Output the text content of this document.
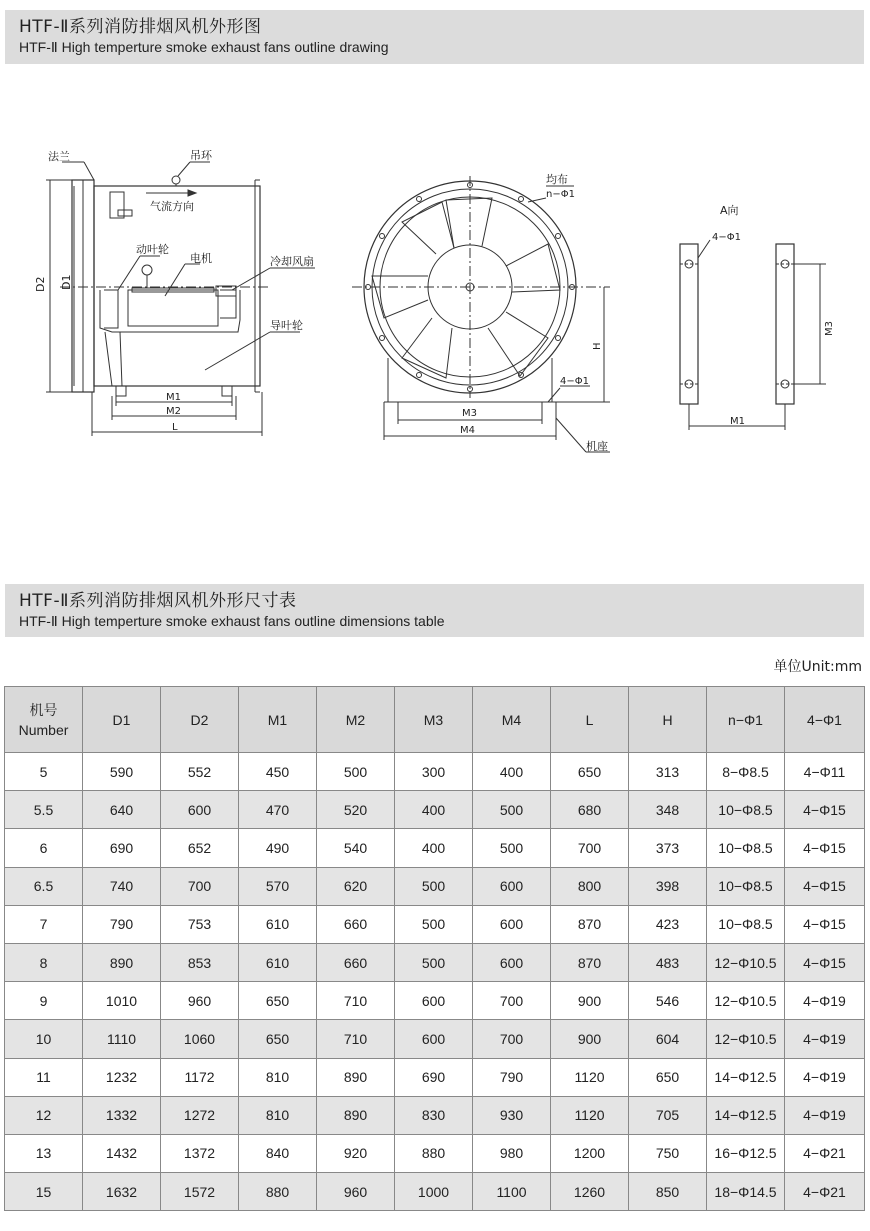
HTF-Ⅱ系列消防排烟风机外形图
HTF-Ⅱ High temperture smoke exhaust fans outline drawing
D2 D1
M1
M2
L
法兰	吊环
气流方向
动叶轮
电机	冷却风扇
导叶轮
均布
n−Φ1
4−Φ1
H
M3
M4
机座
A向
4−Φ1
M3
M1
HTF-Ⅱ系列消防排烟风机外形尺寸表
HTF-Ⅱ High temperture smoke exhaust fans outline dimensions table
单位Unit:mm
机号
Number	D1	D2	M1	M2	M3	M4	L	H	n−Φ1	4−Φ1
5	590	552	450	500	300	400	650	313	8−Φ8.5	4−Φ11
5.5	640	600	470	520	400	500	680	348	10−Φ8.5	4−Φ15
6	690	652	490	540	400	500	700	373	10−Φ8.5	4−Φ15
6.5	740	700	570	620	500	600	800	398	10−Φ8.5	4−Φ15
7	790	753	610	660	500	600	870	423	10−Φ8.5	4−Φ15
8	890	853	610	660	500	600	870	483	12−Φ10.5	4−Φ15
9	1010	960	650	710	600	700	900	546	12−Φ10.5	4−Φ19
10	1110	1060	650	710	600	700	900	604	12−Φ10.5	4−Φ19
11	1232	1172	810	890	690	790	1120	650	14−Φ12.5	4−Φ19
12	1332	1272	810	890	830	930	1120	705	14−Φ12.5	4−Φ19
13	1432	1372	840	920	880	980	1200	750	16−Φ12.5	4−Φ21
15	1632	1572	880	960	1000	1100	1260	850	18−Φ14.5	4−Φ21
